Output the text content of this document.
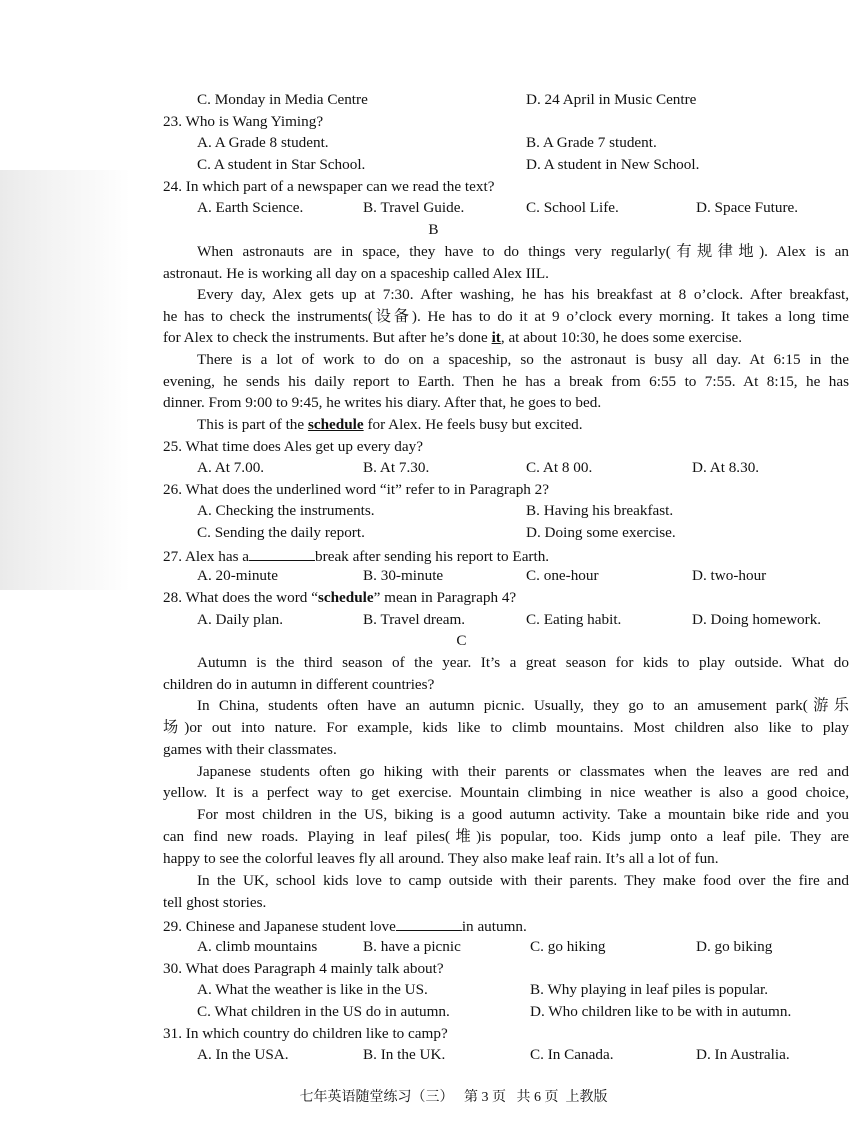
C. Monday in Media Centre	D. 24 April in Music Centre
23. Who is Wang Yiming?
A. A Grade 8 student.	B. A Grade 7 student.
C. A student in Star School.	D. A student in New School.
24. In which part of a newspaper can we read the text?
A. Earth Science.	B. Travel Guide.	C. School Life.	D. Space Future.
B
When astronauts are in space, they have to do things very regularly(有规律地). Alex is an
astronaut. He is working all day on a spaceship called Alex IIL.
Every day, Alex gets up at 7:30. After washing, he has his breakfast at 8 o’clock. After breakfast,
he has to check the instruments(设备). He has to do it at 9 o’clock every morning. It takes a long time
for Alex to check the instruments. But after he’s done it, at about 10:30, he does some exercise.
There is a lot of work to do on a spaceship, so the astronaut is busy all day. At 6:15 in the
evening, he sends his daily report to Earth. Then he has a break from 6:55 to 7:55. At 8:15, he has
dinner. From 9:00 to 9:45, he writes his diary. After that, he goes to bed.
This is part of the schedule for Alex. He feels busy but excited.
25. What time does Ales get up every day?
A. At 7.00.	B. At 7.30.	C. At 8 00.	D. At 8.30.
26. What does the underlined word “it” refer to in Paragraph 2?
A. Checking the instruments.	B. Having his breakfast.
C. Sending the daily report.	D. Doing some exercise.
27. Alex has a	break after sending his report to Earth.
A. 20-minute	B. 30-minute	C. one-hour	D. two-hour
28. What does the word “schedule” mean in Paragraph 4?
A. Daily plan.	B. Travel dream.	C. Eating habit.	D. Doing homework.
C
Autumn is the third season of the year. It’s a great season for kids to play outside. What do
children do in autumn in different countries?
In China, students often have an autumn picnic. Usually, they go to an amusement park(游乐
场)or out into nature. For example, kids like to climb mountains. Most children also like to play
games with their classmates.
Japanese students often go hiking with their parents or classmates when the leaves are red and
yellow. It is a perfect way to get exercise. Mountain climbing in nice weather is also a good choice,
For most children in the US, biking is a good autumn activity. Take a mountain bike ride and you
can find new roads. Playing in leaf piles(堆)is popular, too. Kids jump onto a leaf pile. They are
happy to see the colorful leaves fly all around. They also make leaf rain. It’s all a lot of fun.
In the UK, school kids love to camp outside with their parents. They make food over the fire and
tell ghost stories.
29. Chinese and Japanese student love	in autumn.
A. climb mountains	B. have a picnic	C. go hiking	D. go biking
30. What does Paragraph 4 mainly talk about?
A. What the weather is like in the US.	B. Why playing in leaf piles is popular.
C. What children in the US do in autumn.	D. Who children like to be with in autumn.
31. In which country do children like to camp?
A. In the USA.	B. In the UK.	C. In Canada.	D. In Australia.
七年英语随堂练习（三）   第 3 页   共 6 页  上教版
